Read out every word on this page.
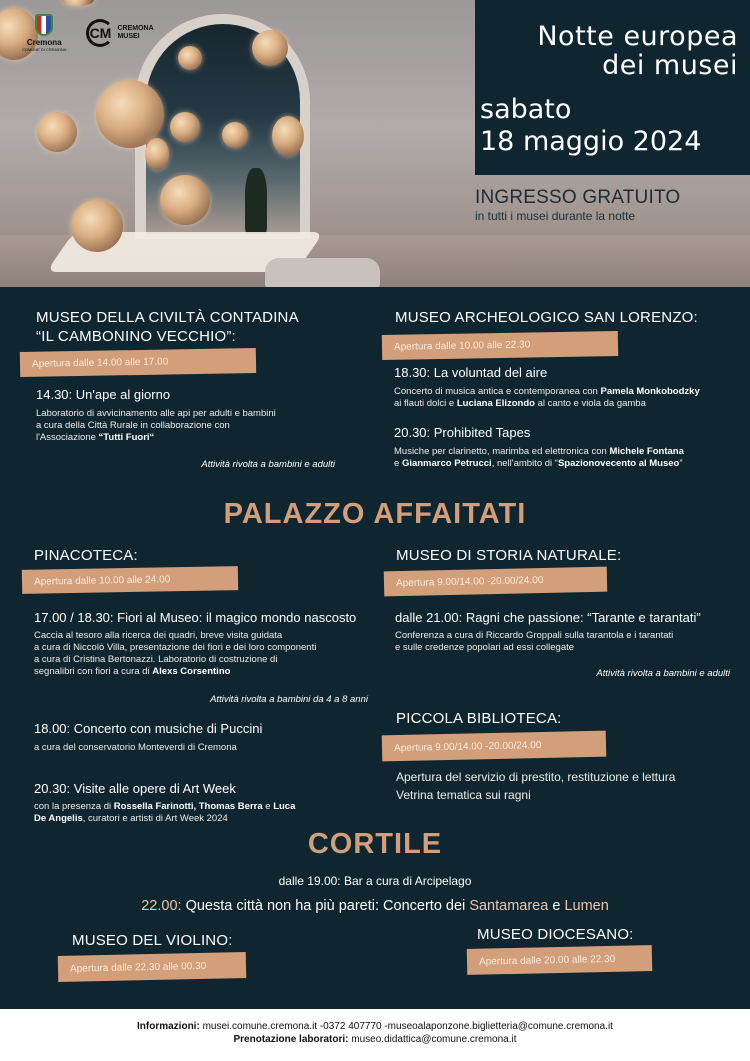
Cremona
COMUNE DI CREMONA
CM CREMONA
MUSEI	Notte europea
dei musei
sabato
18 maggio 2024
INGRESSO GRATUITO
in tutti i musei durante la notte
MUSEO DELLA CIVILTÀ CONTADINA
“IL CAMBONINO VECCHIO”:
Apertura dalle 14.00 alle 17.00
14.30: Un'ape al giorno
Laboratorio di avvicinamento alle api per adulti e bambini
a cura della Città Rurale in collaborazione con
l'Associazione “Tutti Fuori“
Attività rivolta a bambini e adulti
MUSEO ARCHEOLOGICO SAN LORENZO:
Apertura dalle 10.00 alle 22.30
18.30: La voluntad del aire
Concerto di musica antica e contemporanea con Pamela Monkobodzky
ai flauti dolci e Luciana Elizondo al canto e viola da gamba
20.30: Prohibited Tapes
Musiche per clarinetto, marimba ed elettronica con Michele Fontana
e Gianmarco Petrucci, nell'ambito di “Spazionovecento al Museo”
PALAZZO AFFAITATI
PINACOTECA:
Apertura dalle 10.00 alle 24.00
17.00 / 18.30: Fiori al Museo: il magico mondo nascosto
Caccia al tesoro alla ricerca dei quadri, breve visita guidata
a cura di Niccolò Villa, presentazione dei fiori e dei loro componenti
a cura di Cristina Bertonazzi. Laboratorio di costruzione di
segnalibri con fiori a cura di Alexs Corsentino
Attività rivolta a bambini da 4 a 8 anni
18.00: Concerto con musiche di Puccini
a cura del conservatorio Monteverdi di Cremona
20.30: Visite alle opere di Art Week
con la presenza di Rossella Farinotti, Thomas Berra e Luca
De Angelis, curatori e artisti di Art Week 2024
MUSEO DI STORIA NATURALE:
Apertura 9.00/14.00 -20.00/24.00
dalle 21.00: Ragni che passione: “Tarante e tarantati”
Conferenza a cura di Riccardo Groppali sulla tarantola e i tarantati
e sulle credenze popolari ad essi collegate
Attività rivolta a bambini e adulti
PICCOLA BIBLIOTECA:
Apertura 9.00/14.00 -20.00/24.00
Apertura del servizio di prestito, restituzione e lettura
Vetrina tematica sui ragni
CORTILE
dalle 19.00: Bar a cura di Arcipelago
22.00: Questa città non ha più pareti: Concerto dei Santamarea e Lumen
MUSEO DEL VIOLINO:
Apertura dalle 22.30 alle 00.30
MUSEO DIOCESANO:
Apertura dalle 20.00 alle 22.30
Informazioni: musei.comune.cremona.it -0372 407770 -museoalaponzone.biglietteria@comune.cremona.it
Prenotazione laboratori: museo.didattica@comune.cremona.it
